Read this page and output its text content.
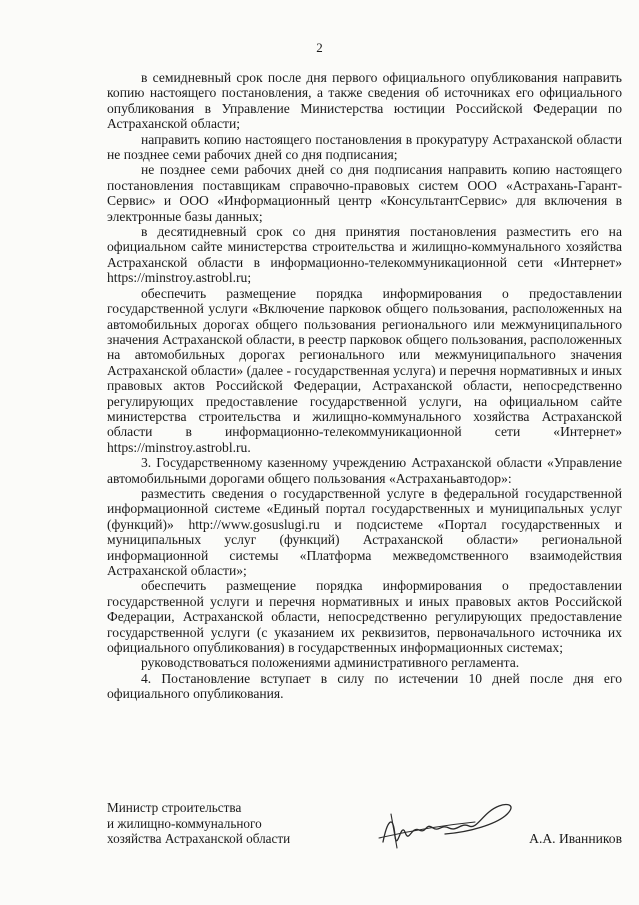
2

в семидневный срок после дня первого официального опубликования направить копию настоящего постановления, а также сведения об источниках его официального опубликования в Управление Министерства юстиции Российской Федерации по Астраханской области;

направить копию настоящего постановления в прокуратуру Астраханской области не позднее семи рабочих дней со дня подписания;

не позднее семи рабочих дней со дня подписания направить копию настоящего постановления поставщикам справочно-правовых систем ООО «Астрахань-Гарант-Сервис» и ООО «Информационный центр «КонсультантСервис» для включения в электронные базы данных;

в десятидневный срок со дня принятия постановления разместить его на официальном сайте министерства строительства и жилищно-коммунального хозяйства Астраханской области в информационно-телекоммуникационной сети «Интернет» https://minstroy.astrobl.ru;

обеспечить размещение порядка информирования о предоставлении государственной услуги «Включение парковок общего пользования, расположенных на автомобильных дорогах общего пользования регионального или межмуниципального значения Астраханской области, в реестр парковок общего пользования, расположенных на автомобильных дорогах регионального или межмуниципального значения Астраханской области» (далее - государственная услуга) и перечня нормативных и иных правовых актов Российской Федерации, Астраханской области, непосредственно регулирующих предоставление государственной услуги, на официальном сайте министерства строительства и жилищно-коммунального хозяйства Астраханской области в информационно-телекоммуникационной сети «Интернет» https://minstroy.astrobl.ru.

3. Государственному казенному учреждению Астраханской области «Управление автомобильными дорогами общего пользования «Астраханьавтодор»:

разместить сведения о государственной услуге в федеральной государственной информационной системе «Единый портал государственных и муниципальных услуг (функций)» http://www.gosuslugi.ru и подсистеме «Портал государственных и муниципальных услуг (функций) Астраханской области» региональной информационной системы «Платформа межведомственного взаимодействия Астраханской области»;

обеспечить размещение порядка информирования о предоставлении государственной услуги и перечня нормативных и иных правовых актов Российской Федерации, Астраханской области, непосредственно регулирующих предоставление государственной услуги (с указанием их реквизитов, первоначального источника их официального опубликования) в государственных информационных системах;

руководствоваться положениями административного регламента.

4. Постановление вступает в силу по истечении 10 дней после дня его официального опубликования.

Министр строительства
и жилищно-коммунального
хозяйства Астраханской области	А.А. Иванников
